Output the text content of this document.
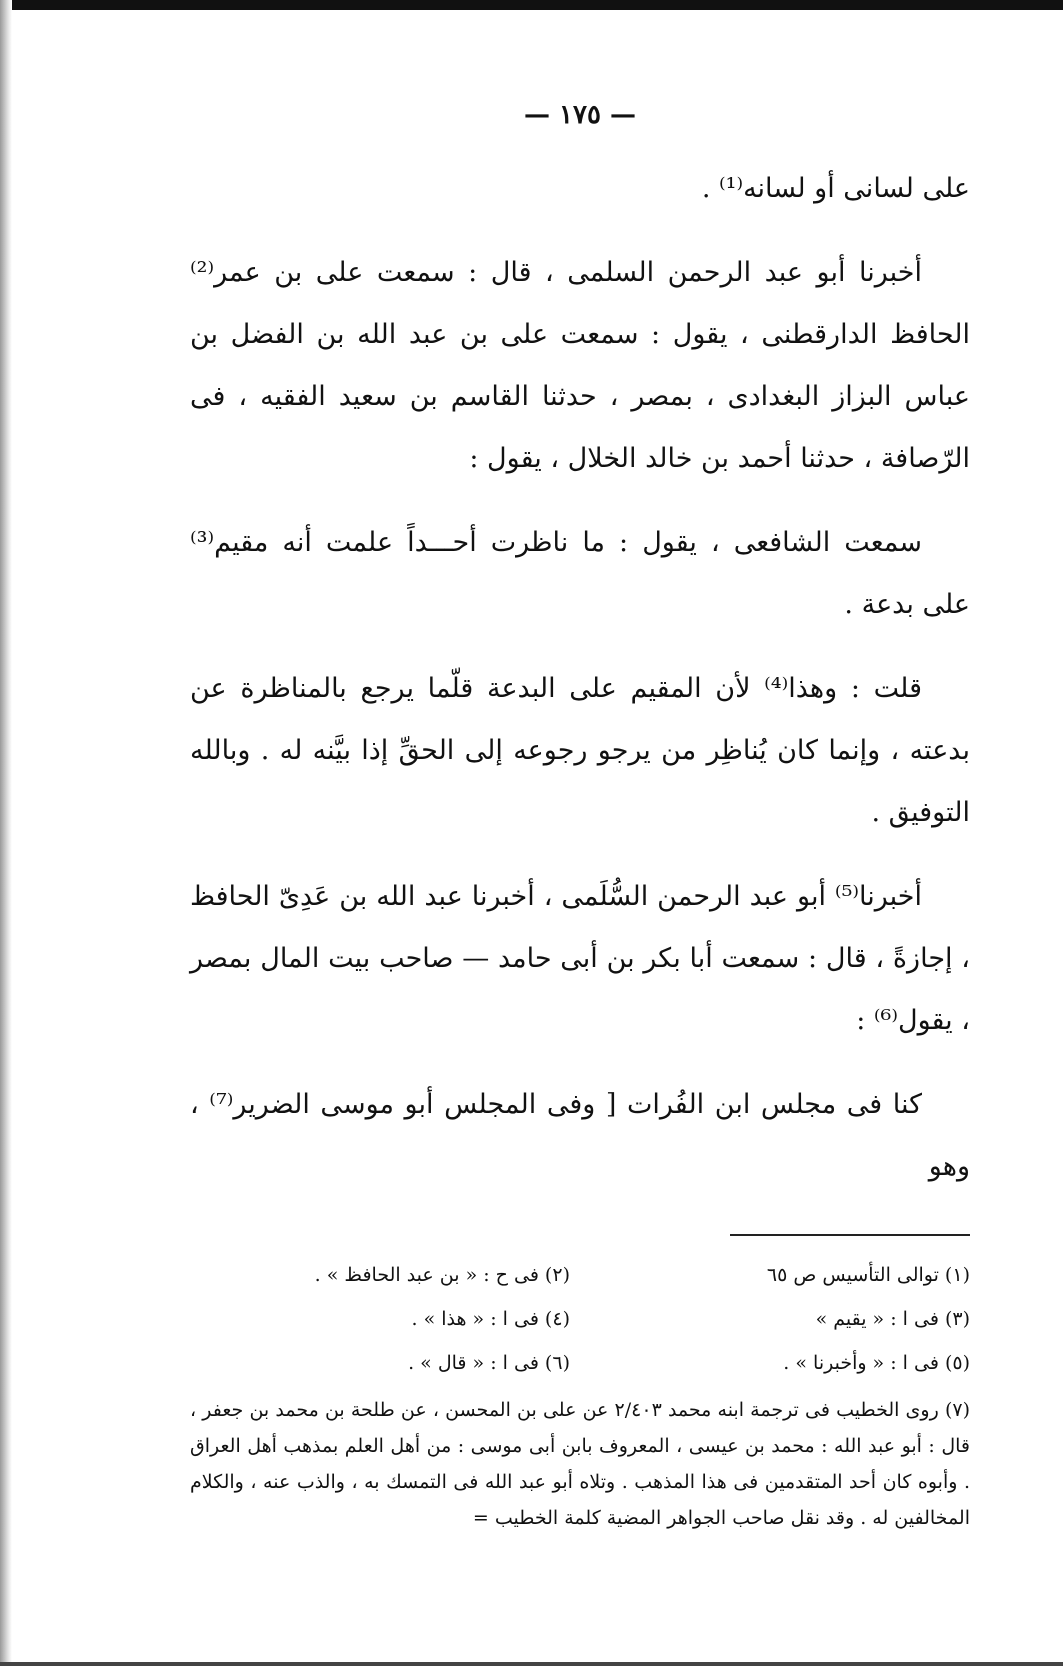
— ١٧٥ —

على لسانى أو لسانه⁽¹⁾ .

أخبرنا أبو عبد الرحمن السلمى ، قال : سمعت على بن عمر⁽²⁾ الحافظ الدارقطنى ، يقول : سمعت على بن عبد الله بن الفضل بن عباس البزاز البغدادى ، بمصر ، حدثنا القاسم بن سعيد الفقيه ، فى الرّصافة ، حدثنا أحمد بن خالد الخلال ، يقول :

سمعت الشافعى ، يقول : ما ناظرت أحـــداً علمت أنه مقيم⁽³⁾ على بدعة .

قلت : وهذا⁽⁴⁾ لأن المقيم على البدعة قلّما يرجع بالمناظرة عن بدعته ، وإنما كان يُناظِر من يرجو رجوعه إلى الحقِّ إذا بيَّنه له . وبالله التوفيق .

أخبرنا⁽⁵⁾ أبو عبد الرحمن السُّلَمى ، أخبرنا عبد الله بن عَدِىّ الحافظ ، إجازةً ، قال : سمعت أبا بكر بن أبى حامد — صاحب بيت المال بمصر ، يقول⁽⁶⁾ :

كنا فى مجلس ابن الفُرات [ وفى المجلس أبو موسى الضرير⁽⁷⁾ ، وهو

(١) توالى التأسيس ص ٦٥
(٢) فى ح : « بن عبد الحافظ » .
(٣) فى ا : « يقيم »
(٤) فى ا : « هذا » .
(٥) فى ا : « وأخبرنا » .
(٦) فى ا : « قال » .

(٧) روى الخطيب فى ترجمة ابنه محمد ٢/٤٠٣ عن على بن المحسن ، عن طلحة بن محمد بن جعفر ، قال : أبو عبد الله : محمد بن عيسى ، المعروف بابن أبى موسى : من أهل العلم بمذهب أهل العراق . وأبوه كان أحد المتقدمين فى هذا المذهب . وتلاه أبو عبد الله فى التمسك به ، والذب عنه ، والكلام المخالفين له . وقد نقل صاحب الجواهر المضية كلمة الخطيب =
